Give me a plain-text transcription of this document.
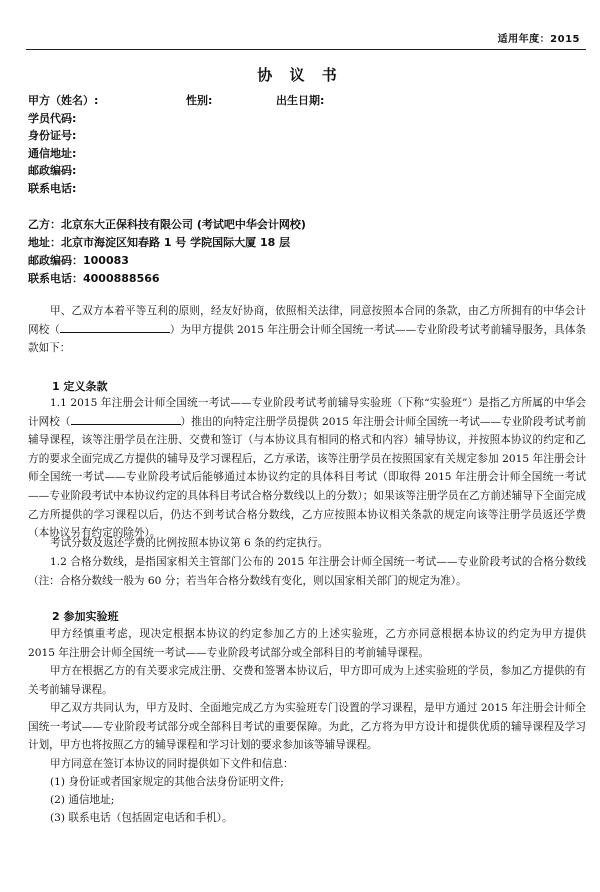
适用年度：2015
协 议 书
甲方（姓名）:	性别:	出生日期:
学员代码:
身份证号:
通信地址:
邮政编码:
联系电话:
乙方：北京东大正保科技有限公司 (考试吧中华会计网校)
地址：北京市海淀区知春路 1 号 学院国际大厦 18 层
邮政编码：100083
联系电话：4000888566
甲、乙双方本着平等互利的原则，经友好协商，依照相关法律，同意按照本合同的条款，由乙方所拥有的中华会计网校（	）为甲方提供 2015 年注册会计师全国统一考试——专业阶段考试考前辅导服务，具体条款如下：
1 定义条款
1.1 2015 年注册会计师全国统一考试——专业阶段考试考前辅导实验班（下称“实验班”）是指乙方所属的中华会计网校（	）推出的向特定注册学员提供 2015 年注册会计师全国统一考试——专业阶段考试考前辅导课程，该等注册学员在注册、交费和签订（与本协议具有相同的格式和内容）辅导协议，并按照本协议的约定和乙方的要求全面完成乙方提供的辅导及学习课程后，乙方承诺，该等注册学员在按照国家有关规定参加 2015 年注册会计师全国统一考试——专业阶段考试后能够通过本协议约定的具体科目考试（即取得 2015 年注册会计师全国统一考试——专业阶段考试中本协议约定的具体科目考试合格分数线以上的分数）；如果该等注册学员在乙方前述辅导下全面完成乙方所提供的学习课程以后，仍达不到考试合格分数线，乙方应按照本协议相关条款的规定向该等注册学员返还学费（本协议另有约定的除外）。
考试分数及返还学费的比例按照本协议第 6 条的约定执行。
1.2 合格分数线，是指国家相关主管部门公布的 2015 年注册会计师全国统一考试——专业阶段考试的合格分数线（注：合格分数线一般为 60 分；若当年合格分数线有变化，则以国家相关部门的规定为准）。
2 参加实验班
甲方经慎重考虑，现决定根据本协议的约定参加乙方的上述实验班，乙方亦同意根据本协议的约定为甲方提供 2015 年注册会计师全国统一考试——专业阶段考试部分或全部科目的考前辅导课程。
甲方在根据乙方的有关要求完成注册、交费和签署本协议后，甲方即可成为上述实验班的学员，参加乙方提供的有关考前辅导课程。
甲乙双方共同认为，甲方及时、全面地完成乙方为实验班专门设置的学习课程，是甲方通过 2015 年注册会计师全国统一考试——专业阶段考试部分或全部科目考试的重要保障。为此，乙方将为甲方设计和提供优质的辅导课程及学习计划，甲方也将按照乙方的辅导课程和学习计划的要求参加该等辅导课程。
甲方同意在签订本协议的同时提供如下文件和信息：
(1) 身份证或者国家规定的其他合法身份证明文件;
(2) 通信地址;
(3) 联系电话（包括固定电话和手机）。
